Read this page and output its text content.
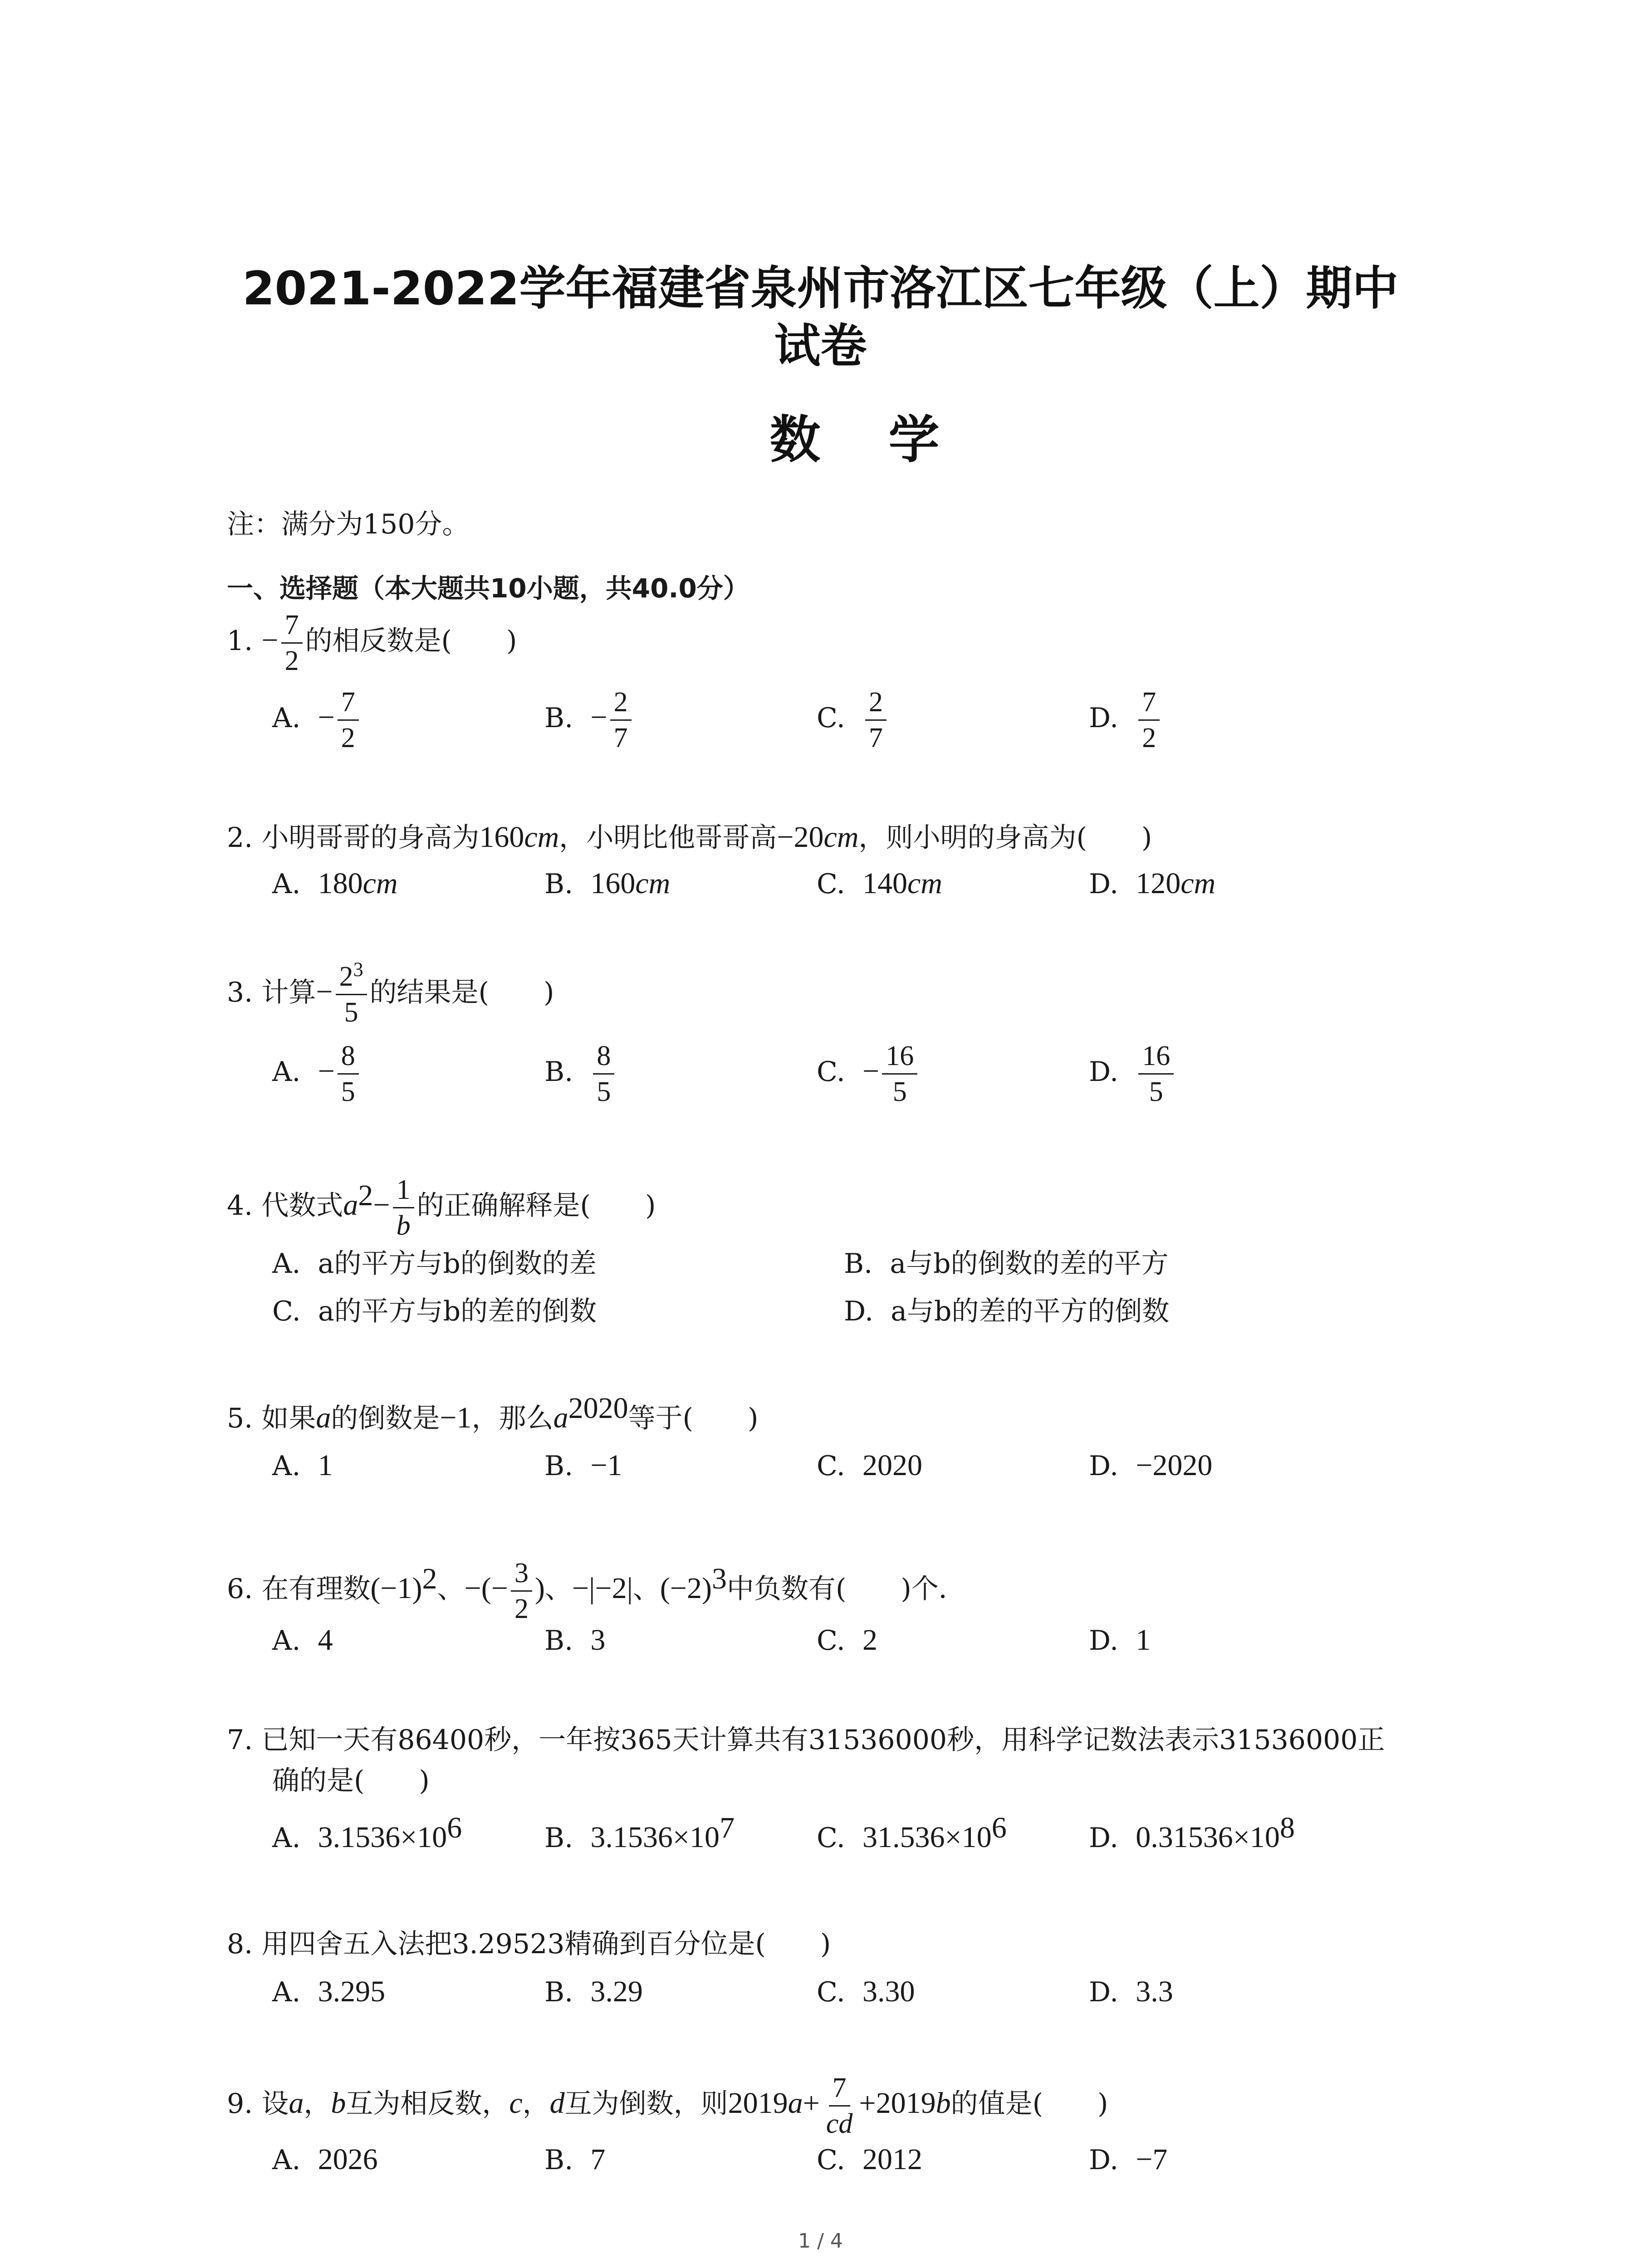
2021-2022学年福建省泉州市洛江区七年级（上）期中
试卷
数学
注：满分为150分。
一、选择题（本大题共10小题，共40.0分）
1. − $\frac{7}{2}$ 的相反数是(　　)
A. − $\frac{7}{2}$	B. − $\frac{2}{7}$	C. $\frac{2}{7}$	D. $\frac{7}{2}$
2. 小明哥哥的身高为160cm，小明比他哥哥高−20cm，则小明的身高为(　　)
A. 180cm	B. 160cm	C. 140cm	D. 120cm
3. 计算− $\frac{2^3}{5}$ 的结果是(　　)
A. − $\frac{8}{5}$	B. $\frac{8}{5}$	C. − $\frac{16}{5}$	D. $\frac{16}{5}$
4. 代数式$a^2- \frac{1}{b}$ 的正确解释是(　　)
A. a的平方与b的倒数的差	B. a与b的倒数的差的平方
C. a的平方与b的差的倒数	D. a与b的差的平方的倒数
5. 如果a的倒数是−1，那么$a^{2020}$等于(　　)
A. 1	B. −1	C. 2020	D. −2020
6. 在有理数$(-1)^2$、−(− $\frac{3}{2}$ )、−|−2|、$(-2)^3$中负数有(　　)个．
A. 4	B. 3	C. 2	D. 1
7. 已知一天有86400秒，一年按365天计算共有31536000秒，用科学记数法表示31536000正
确的是(　　)
A. $3.1536\times 10^6$	B. $3.1536\times 10^7$	C. $31.536\times 10^6$	D. $0.31536\times 10^8$
8. 用四舍五入法把3.29523精确到百分位是(　　)
A. 3.295	B. 3.29	C. 3.30	D. 3.3
9. 设a，b互为相反数，c，d互为倒数，则$2019a+ \frac{7}{cd} +2019b$的值是(　　)
A. 2026	B. 7	C. 2012	D. −7
1 / 4
